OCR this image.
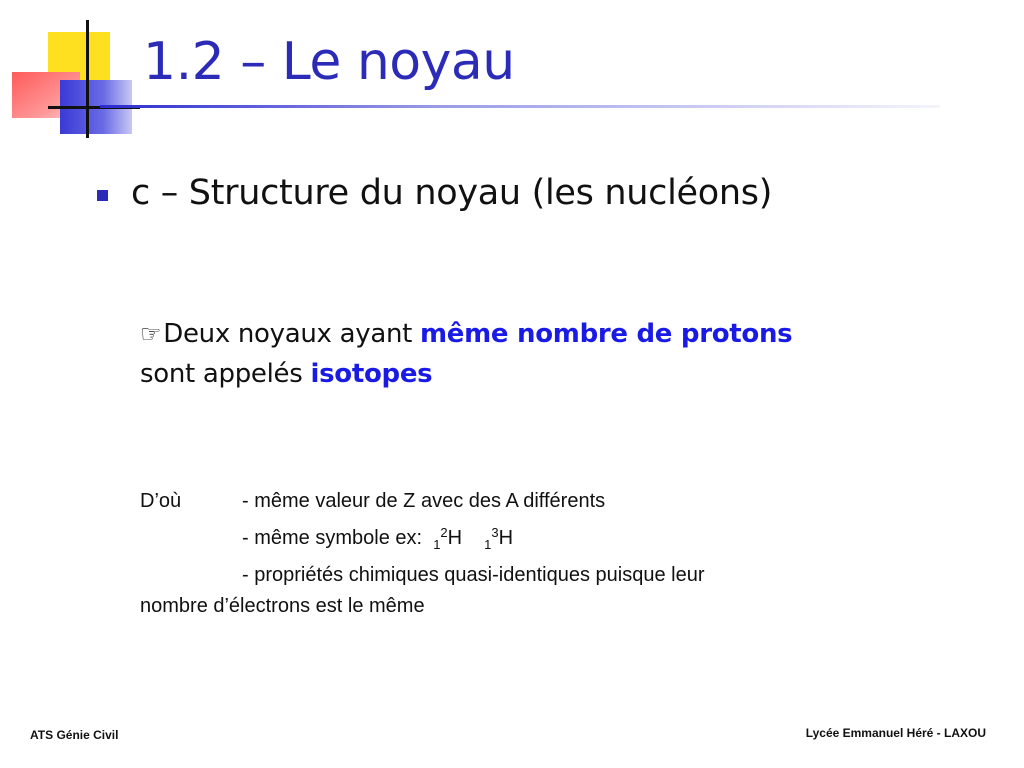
1.2 – Le noyau
c – Structure du noyau (les nucléons)
☞Deux noyaux ayant même nombre de protons sont appelés isotopes
D’où	- même valeur de Z avec des A différents
- même symbole ex: $_1^2$H $_1^3$H
- propriétés chimiques quasi-identiques puisque leur
nombre d’électrons est le même
ATS Génie Civil	Lycée Emmanuel Héré - LAXOU
